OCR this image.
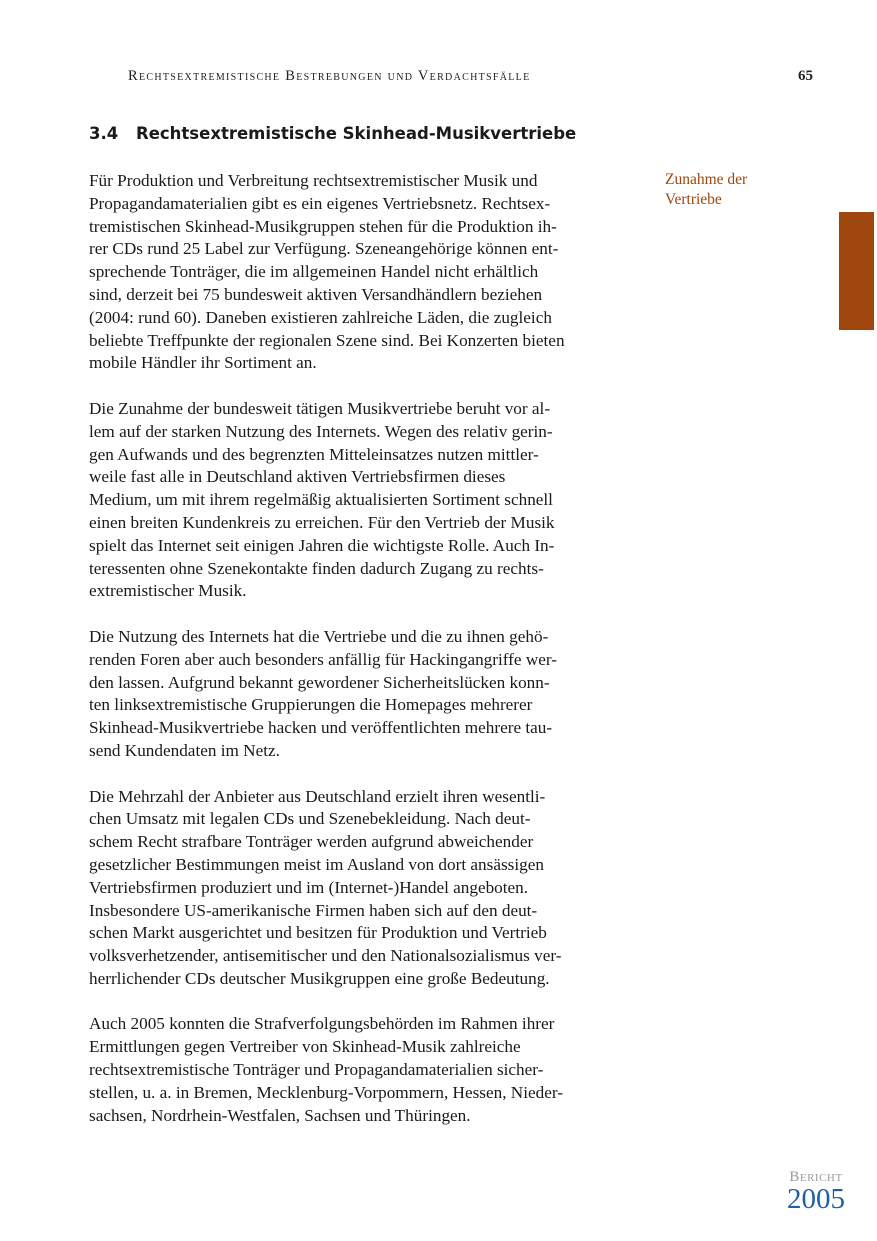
Rechtsextremistische Bestrebungen und Verdachtsfälle	65
3.4 Rechtsextremistische Skinhead-Musikvertriebe
Zunahme der
Vertriebe
Für Produktion und Verbreitung rechtsextremistischer Musik und
Propagandamaterialien gibt es ein eigenes Vertriebsnetz. Rechtsex-
tremistischen Skinhead-Musikgruppen stehen für die Produktion ih-
rer CDs rund 25 Label zur Verfügung. Szeneangehörige können ent-
sprechende Tonträger, die im allgemeinen Handel nicht erhältlich
sind, derzeit bei 75 bundesweit aktiven Versandhändlern beziehen
(2004: rund 60). Daneben existieren zahlreiche Läden, die zugleich
beliebte Treffpunkte der regionalen Szene sind. Bei Konzerten bieten
mobile Händler ihr Sortiment an.
Die Zunahme der bundesweit tätigen Musikvertriebe beruht vor al-
lem auf der starken Nutzung des Internets. Wegen des relativ gerin-
gen Aufwands und des begrenzten Mitteleinsatzes nutzen mittler-
weile fast alle in Deutschland aktiven Vertriebsfirmen dieses
Medium, um mit ihrem regelmäßig aktualisierten Sortiment schnell
einen breiten Kundenkreis zu erreichen. Für den Vertrieb der Musik
spielt das Internet seit einigen Jahren die wichtigste Rolle. Auch In-
teressenten ohne Szenekontakte finden dadurch Zugang zu rechts-
extremistischer Musik.
Die Nutzung des Internets hat die Vertriebe und die zu ihnen gehö-
renden Foren aber auch besonders anfällig für Hackingangriffe wer-
den lassen. Aufgrund bekannt gewordener Sicherheitslücken konn-
ten linksextremistische Gruppierungen die Homepages mehrerer
Skinhead-Musikvertriebe hacken und veröffentlichten mehrere tau-
send Kundendaten im Netz.
Die Mehrzahl der Anbieter aus Deutschland erzielt ihren wesentli-
chen Umsatz mit legalen CDs und Szenebekleidung. Nach deut-
schem Recht strafbare Tonträger werden aufgrund abweichender
gesetzlicher Bestimmungen meist im Ausland von dort ansässigen
Vertriebsfirmen produziert und im (Internet-)Handel angeboten.
Insbesondere US-amerikanische Firmen haben sich auf den deut-
schen Markt ausgerichtet und besitzen für Produktion und Vertrieb
volksverhetzender, antisemitischer und den Nationalsozialismus ver-
herrlichender CDs deutscher Musikgruppen eine große Bedeutung.
Auch 2005 konnten die Strafverfolgungsbehörden im Rahmen ihrer
Ermittlungen gegen Vertreiber von Skinhead-Musik zahlreiche
rechtsextremistische Tonträger und Propagandamaterialien sicher-
stellen, u. a. in Bremen, Mecklenburg-Vorpommern, Hessen, Nieder-
sachsen, Nordrhein-Westfalen, Sachsen und Thüringen.
Bericht
2005
